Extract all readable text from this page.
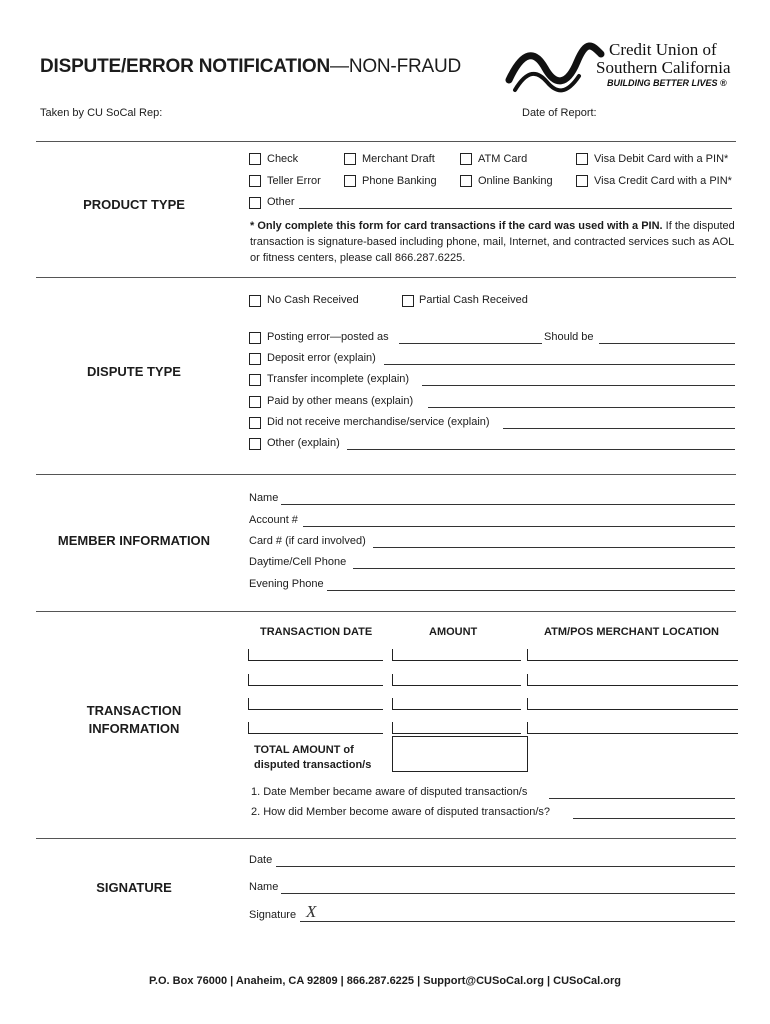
DISPUTE/ERROR NOTIFICATION—NON-FRAUD
Credit Union of
Southern California
BUILDING BETTER LIVES ®
Taken by CU SoCal Rep:	Date of Report:
PRODUCT TYPE
Check	Merchant Draft	ATM Card	Visa Debit Card with a PIN*
Teller Error	Phone Banking	Online Banking	Visa Credit Card with a PIN*
Other
* Only complete this form for card transactions if the card was used with a PIN. If the disputed transaction is signature-based including phone, mail, Internet, and contracted services such as AOL or fitness centers, please call 866.287.6225.
DISPUTE TYPE
No Cash Received	Partial Cash Received
Posting error—posted as	Should be
Deposit error (explain)
Transfer incomplete (explain)
Paid by other means (explain)
Did not receive merchandise/service (explain)
Other (explain)
MEMBER INFORMATION
Name
Account #
Card # (if card involved)
Daytime/Cell Phone
Evening Phone
TRANSACTION
INFORMATION
TRANSACTION DATE	AMOUNT	ATM/POS MERCHANT LOCATION
TOTAL AMOUNT of
disputed transaction/s
1. Date Member became aware of disputed transaction/s
2. How did Member become aware of disputed transaction/s?
SIGNATURE
Date
Name
Signature X
P.O. Box 76000 | Anaheim, CA 92809 | 866.287.6225 | Support@CUSoCal.org | CUSoCal.org
